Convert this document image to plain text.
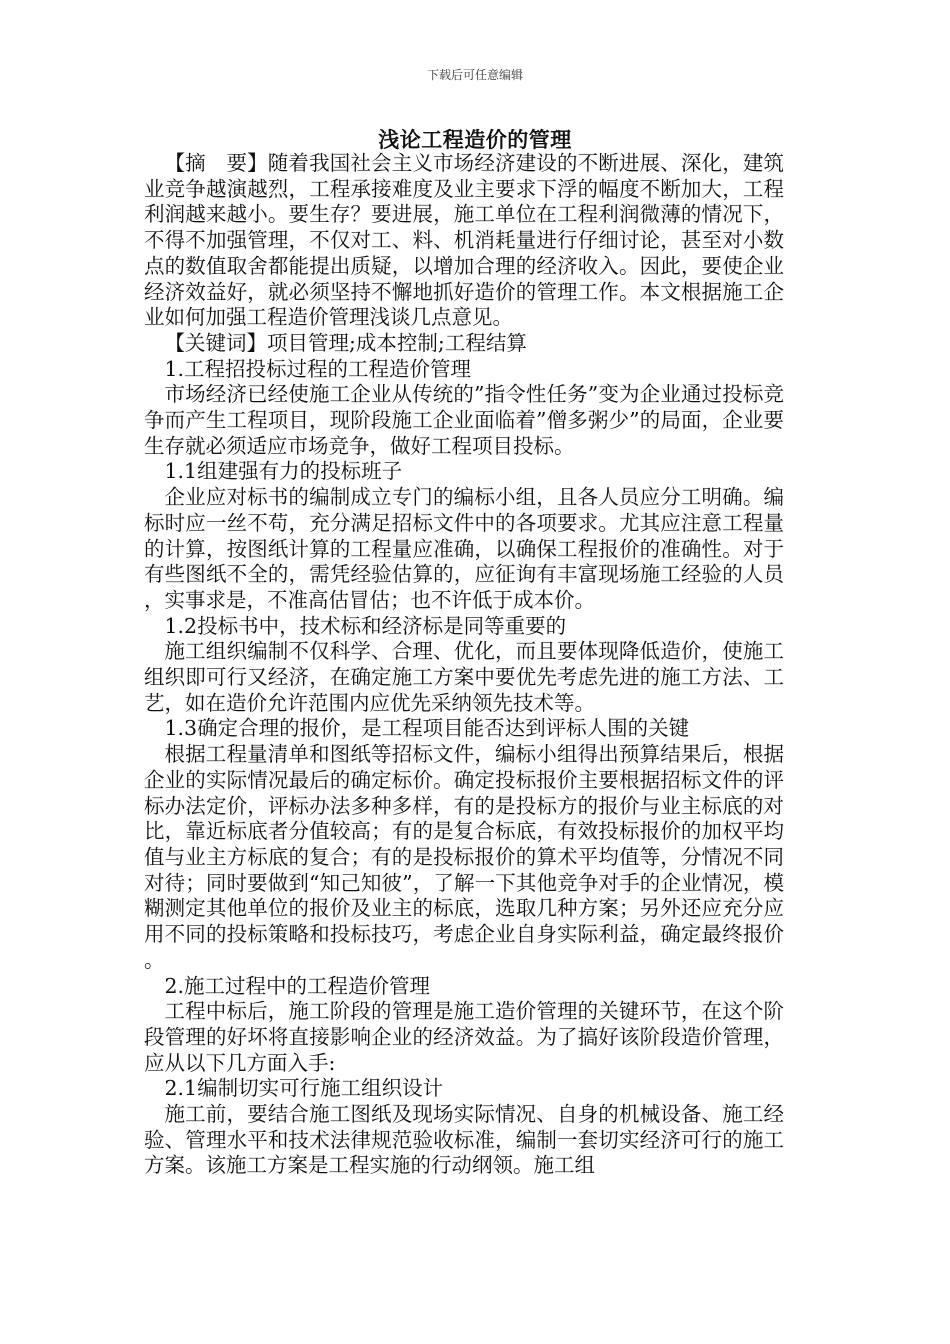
下载后可任意编辑
浅论工程造价的管理

【摘　要】随着我国社会主义市场经济建设的不断进展、深化，建筑业竞争越演越烈，工程承接难度及业主要求下浮的幅度不断加大，工程利润越来越小。要生存？要进展，施工单位在工程利润微薄的情况下，不得不加强管理，不仅对工、料、机消耗量进行仔细讨论，甚至对小数点的数值取舍都能提出质疑，以增加合理的经济收入。因此，要使企业经济效益好，就必须坚持不懈地抓好造价的管理工作。本文根据施工企业如何加强工程造价管理浅谈几点意见。

【关键词】项目管理;成本控制;工程结算

1.工程招投标过程的工程造价管理

市场经济已经使施工企业从传统的”指令性任务”变为企业通过投标竞争而产生工程项目，现阶段施工企业面临着”僧多粥少”的局面，企业要生存就必须适应市场竞争，做好工程项目投标。

1.1组建强有力的投标班子

企业应对标书的编制成立专门的编标小组，且各人员应分工明确。编标时应一丝不苟，充分满足招标文件中的各项要求。尤其应注意工程量的计算，按图纸计算的工程量应准确，以确保工程报价的准确性。对于有些图纸不全的，需凭经验估算的，应征询有丰富现场施工经验的人员，实事求是，不准高估冒估；也不许低于成本价。

1.2投标书中，技术标和经济标是同等重要的

施工组织编制不仅科学、合理、优化，而且要体现降低造价，使施工组织即可行又经济，在确定施工方案中要优先考虑先进的施工方法、工艺，如在造价允许范围内应优先采纳领先技术等。

1.3确定合理的报价，是工程项目能否达到评标人围的关键

根据工程量清单和图纸等招标文件，编标小组得出预算结果后，根据企业的实际情况最后的确定标价。确定投标报价主要根据招标文件的评标办法定价，评标办法多种多样，有的是投标方的报价与业主标底的对比，靠近标底者分值较高；有的是复合标底，有效投标报价的加权平均值与业主方标底的复合；有的是投标报价的算术平均值等，分情况不同对待；同时要做到“知己知彼”，了解一下其他竞争对手的企业情况，模糊测定其他单位的报价及业主的标底，选取几种方案；另外还应充分应用不同的投标策略和投标技巧，考虑企业自身实际利益，确定最终报价。

2.施工过程中的工程造价管理

工程中标后，施工阶段的管理是施工造价管理的关键环节，在这个阶段管理的好坏将直接影响企业的经济效益。为了搞好该阶段造价管理，应从以下几方面入手:

2.1编制切实可行施工组织设计

施工前，要结合施工图纸及现场实际情况、自身的机械设备、施工经验、管理水平和技术法律规范验收标准，编制一套切实经济可行的施工方案。该施工方案是工程实施的行动纲领。施工组
